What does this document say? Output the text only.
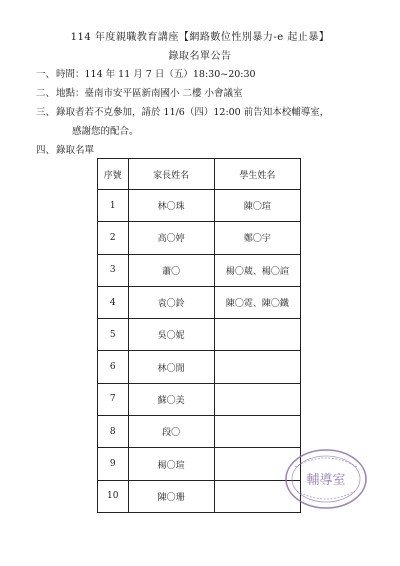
114 年度親職教育講座【網路數位性別暴力-e 起止暴】
錄取名單公告
一、時間：114 年 11 月 7 日（五）18:30~20:30
二、地點：臺南市安平區新南國小 二樓 小會議室
三、錄取者若不克參加，請於 11/6（四）12:00 前告知本校輔導室，
感謝您的配合。
四、錄取名單
序號	家長姓名	學生姓名
1	林〇珠	陳〇瑄
2	高〇婷	鄭〇宇
3	蕭〇	楊〇葳、楊〇諠
4	袁〇鈴	陳〇霓、陳〇鐵
5	吳〇妮	
6	林〇閒	
7	蘇〇美	
8	段〇	
9	楊〇瑄	
10	陳〇珊	
輔導室
